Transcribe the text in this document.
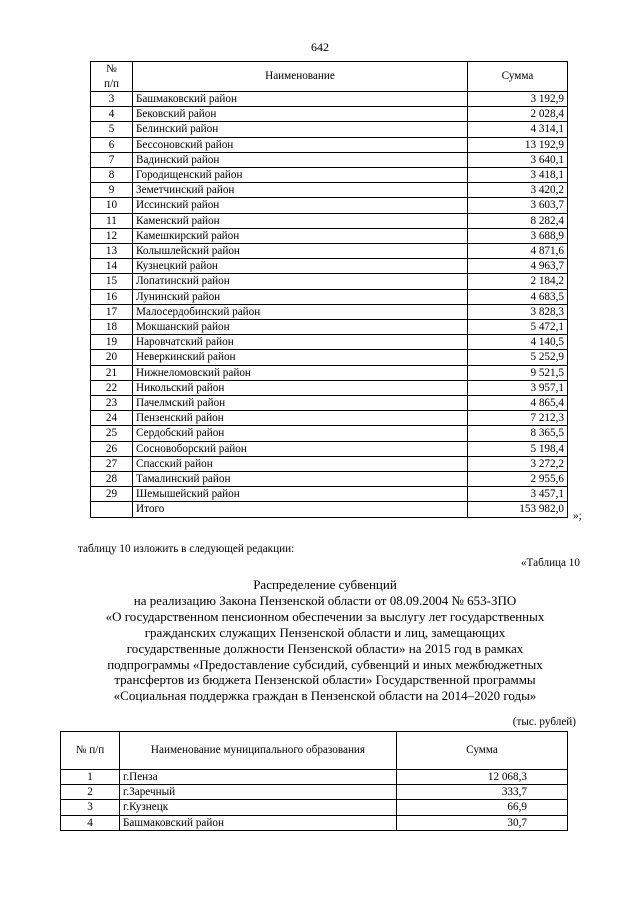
642
№
п/п	Наименование	Сумма
3	Башмаковский район	3 192,9
4	Бековский район	2 028,4
5	Белинский район	4 314,1
6	Бессоновский район	13 192,9
7	Вадинский район	3 640,1
8	Городищенский район	3 418,1
9	Земетчинский район	3 420,2
10	Иссинский район	3 603,7
11	Каменский район	8 282,4
12	Камешкирский район	3 688,9
13	Колышлейский район	4 871,6
14	Кузнецкий район	4 963,7
15	Лопатинский район	2 184,2
16	Лунинский район	4 683,5
17	Малосердобинский район	3 828,3
18	Мокшанский район	5 472,1
19	Наровчатский район	4 140,5
20	Неверкинский район	5 252,9
21	Нижнеломовский район	9 521,5
22	Никольский район	3 957,1
23	Пачелмский район	4 865,4
24	Пензенский район	7 212,3
25	Сердобский район	8 365,5
26	Сосновоборский район	5 198,4
27	Спасский район	3 272,2
28	Тамалинский район	2 955,6
29	Шемышейский район	3 457,1
	Итого	153 982,0
»;
таблицу 10 изложить в следующей редакции:
«Таблица 10
Распределение субвенций
на реализацию Закона Пензенской области от 08.09.2004 № 653-ЗПО
«О государственном пенсионном обеспечении за выслугу лет государственных
гражданских служащих Пензенской области и лиц, замещающих
государственные должности Пензенской области» на 2015 год в рамках
подпрограммы «Предоставление субсидий, субвенций и иных межбюджетных
трансфертов из бюджета Пензенской области» Государственной программы
«Социальная поддержка граждан в Пензенской области на 2014–2020 годы»
(тыс. рублей)
№ п/п	Наименование муниципального образования	Сумма
1	г.Пенза	12 068,3
2	г.Заречный	333,7
3	г.Кузнецк	66,9
4	Башмаковский район	30,7
